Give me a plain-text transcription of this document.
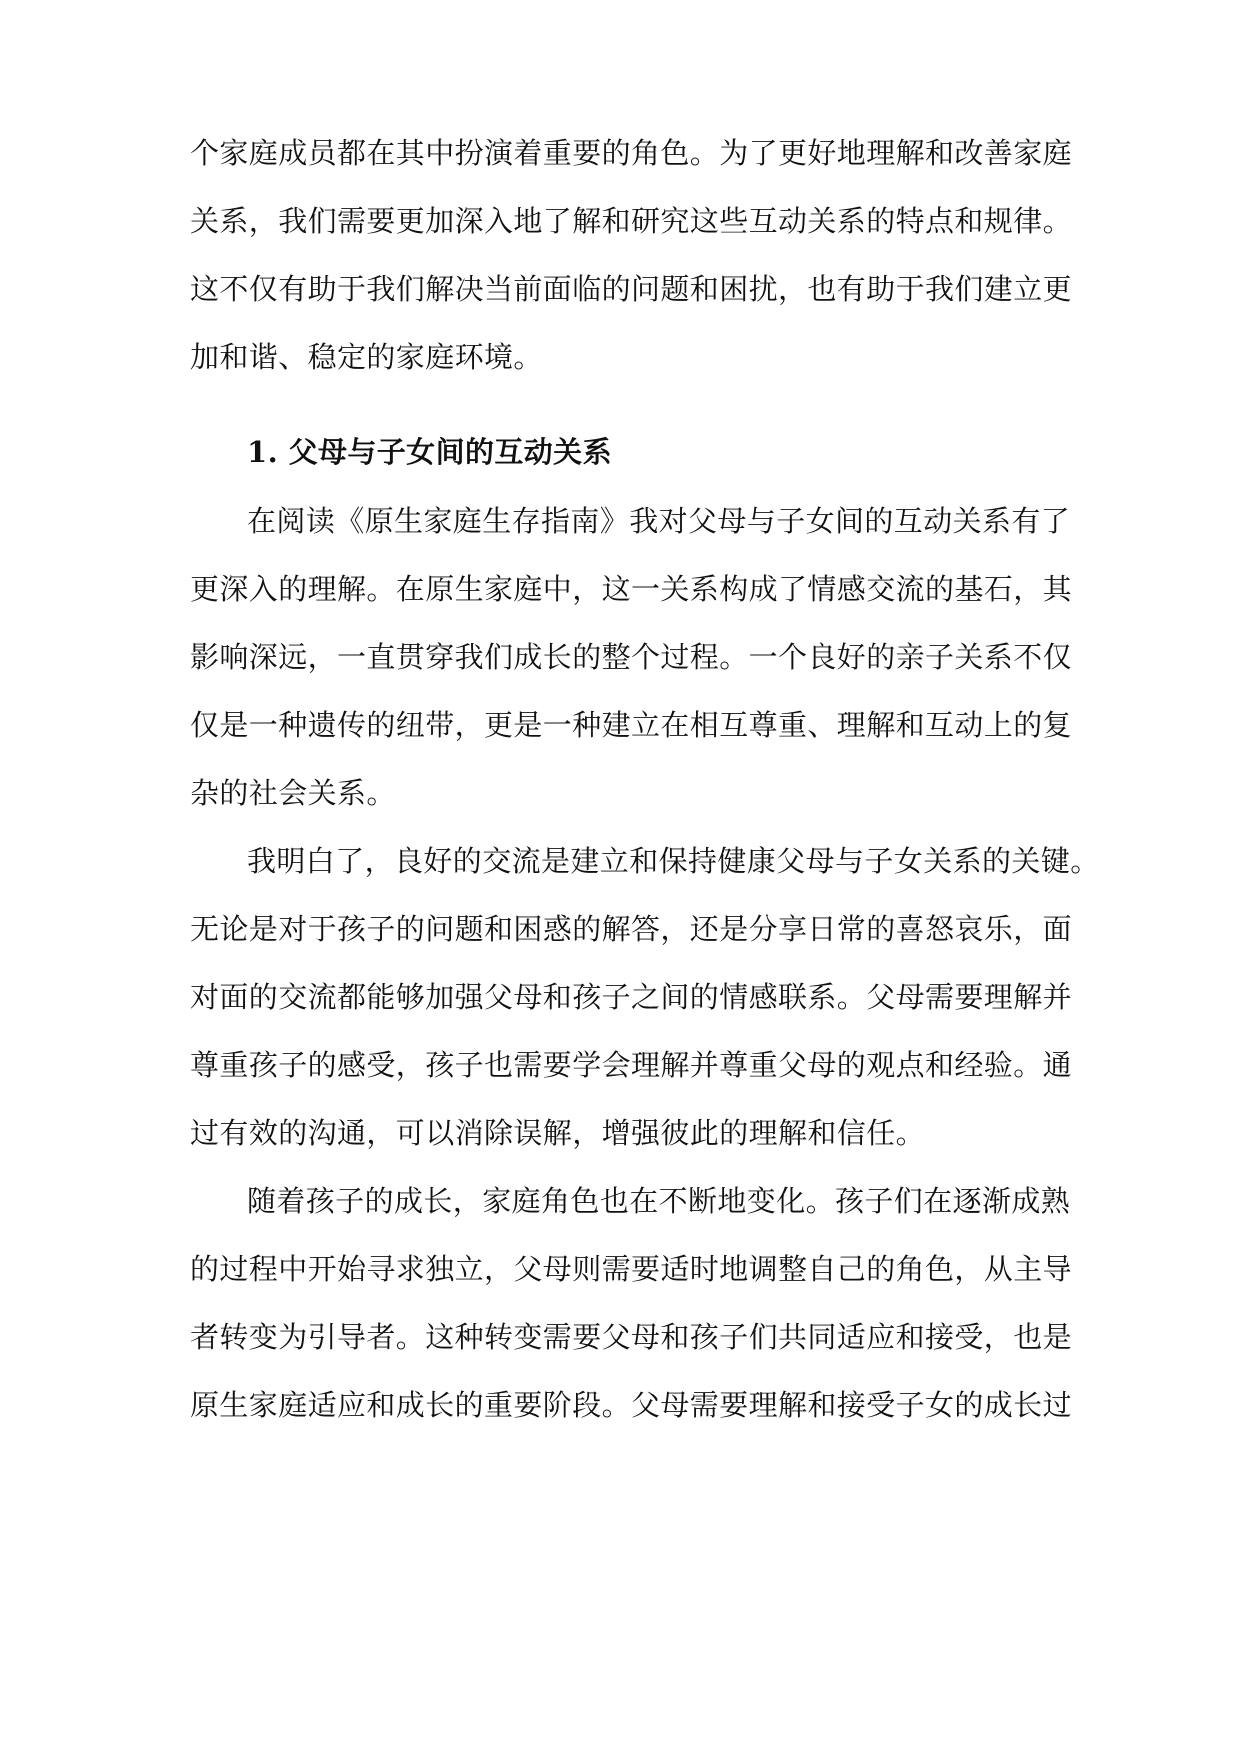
个家庭成员都在其中扮演着重要的角色。为了更好地理解和改善家庭
关系，我们需要更加深入地了解和研究这些互动关系的特点和规律。
这不仅有助于我们解决当前面临的问题和困扰，也有助于我们建立更
加和谐、稳定的家庭环境。
1. 父母与子女间的互动关系
在阅读《原生家庭生存指南》我对父母与子女间的互动关系有了
更深入的理解。在原生家庭中，这一关系构成了情感交流的基石，其
影响深远，一直贯穿我们成长的整个过程。一个良好的亲子关系不仅
仅是一种遗传的纽带，更是一种建立在相互尊重、理解和互动上的复
杂的社会关系。
我明白了，良好的交流是建立和保持健康父母与子女关系的关键。
无论是对于孩子的问题和困惑的解答，还是分享日常的喜怒哀乐，面
对面的交流都能够加强父母和孩子之间的情感联系。父母需要理解并
尊重孩子的感受，孩子也需要学会理解并尊重父母的观点和经验。通
过有效的沟通，可以消除误解，增强彼此的理解和信任。
随着孩子的成长，家庭角色也在不断地变化。孩子们在逐渐成熟
的过程中开始寻求独立，父母则需要适时地调整自己的角色，从主导
者转变为引导者。这种转变需要父母和孩子们共同适应和接受，也是
原生家庭适应和成长的重要阶段。父母需要理解和接受子女的成长过
